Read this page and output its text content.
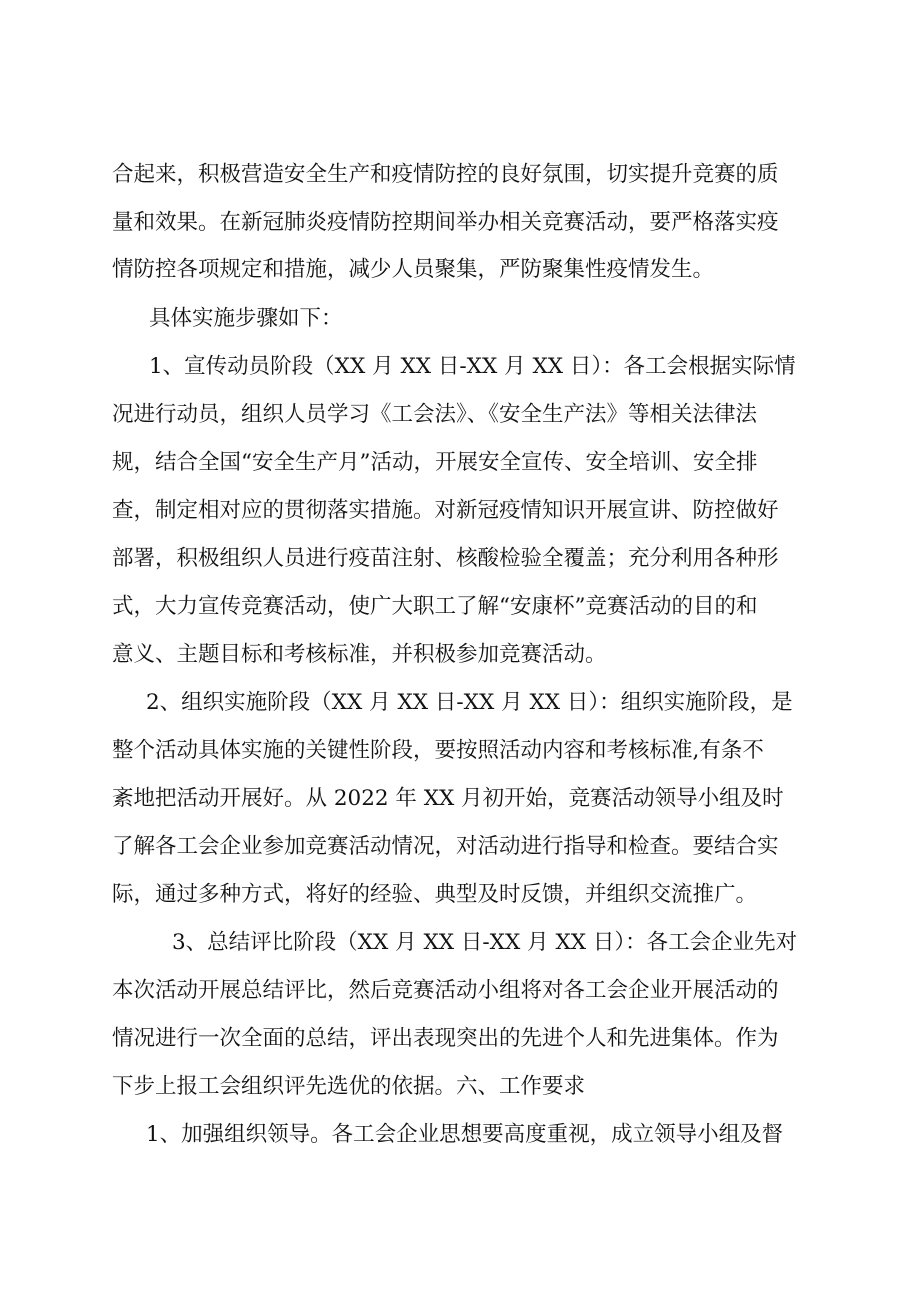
合起来，积极营造安全生产和疫情防控的良好氛围，切实提升竞赛的质
量和效果。在新冠肺炎疫情防控期间举办相关竞赛活动，要严格落实疫
情防控各项规定和措施，减少人员聚集，严防聚集性疫情发生。
具体实施步骤如下：
1、宣传动员阶段（XX 月 XX 日-XX 月 XX 日）：各工会根据实际情
况进行动员，组织人员学习《工会法》、《安全生产法》等相关法律法
规，结合全国“安全生产月”活动，开展安全宣传、安全培训、安全排
查，制定相对应的贯彻落实措施。对新冠疫情知识开展宣讲、防控做好
部署，积极组织人员进行疫苗注射、核酸检验全覆盖；充分利用各种形
式，大力宣传竞赛活动，使广大职工了解“安康杯”竞赛活动的目的和
意义、主题目标和考核标准，并积极参加竞赛活动。
2、组织实施阶段（XX 月 XX 日-XX 月 XX 日）：组织实施阶段，是
整个活动具体实施的关键性阶段，要按照活动内容和考核标准,有条不
紊地把活动开展好。从 2022 年 XX 月初开始，竞赛活动领导小组及时
了解各工会企业参加竞赛活动情况，对活动进行指导和检查。要结合实
际，通过多种方式，将好的经验、典型及时反馈，并组织交流推广。
3、总结评比阶段（XX 月 XX 日-XX 月 XX 日）：各工会企业先对
本次活动开展总结评比，然后竞赛活动小组将对各工会企业开展活动的
情况进行一次全面的总结，评出表现突出的先进个人和先进集体。作为
下步上报工会组织评先选优的依据。六、工作要求
1、加强组织领导。各工会企业思想要高度重视，成立领导小组及督
